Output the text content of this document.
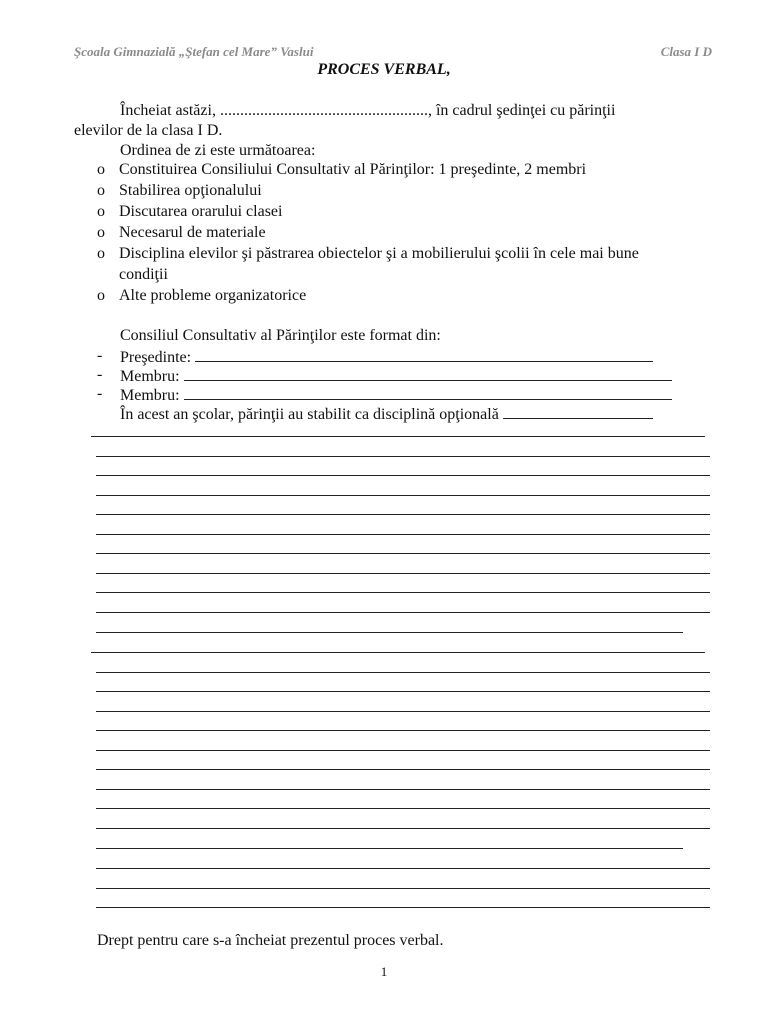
Şcoala Gimnazială „Ştefan cel Mare” Vaslui	Clasa I D
PROCES VERBAL,
Încheiat astăzi, ...................................................., în cadrul şedinţei cu părinţii
elevilor de la clasa I D.
Ordinea de zi este următoarea:
o Constituirea Consiliului Consultativ al Părinţilor: 1 preşedinte, 2 membri
o Stabilirea opţionalului
o Discutarea orarului clasei
o Necesarul de materiale
o Disciplina elevilor şi păstrarea obiectelor şi a mobilierului şcolii în cele mai bune
condiţii
o Alte probleme organizatorice
Consiliul Consultativ al Părinţilor este format din:
- Preşedinte:
- Membru:
- Membru:
În acest an şcolar, părinţii au stabilit ca disciplină opţională
Drept pentru care s-a încheiat prezentul proces verbal.
1
